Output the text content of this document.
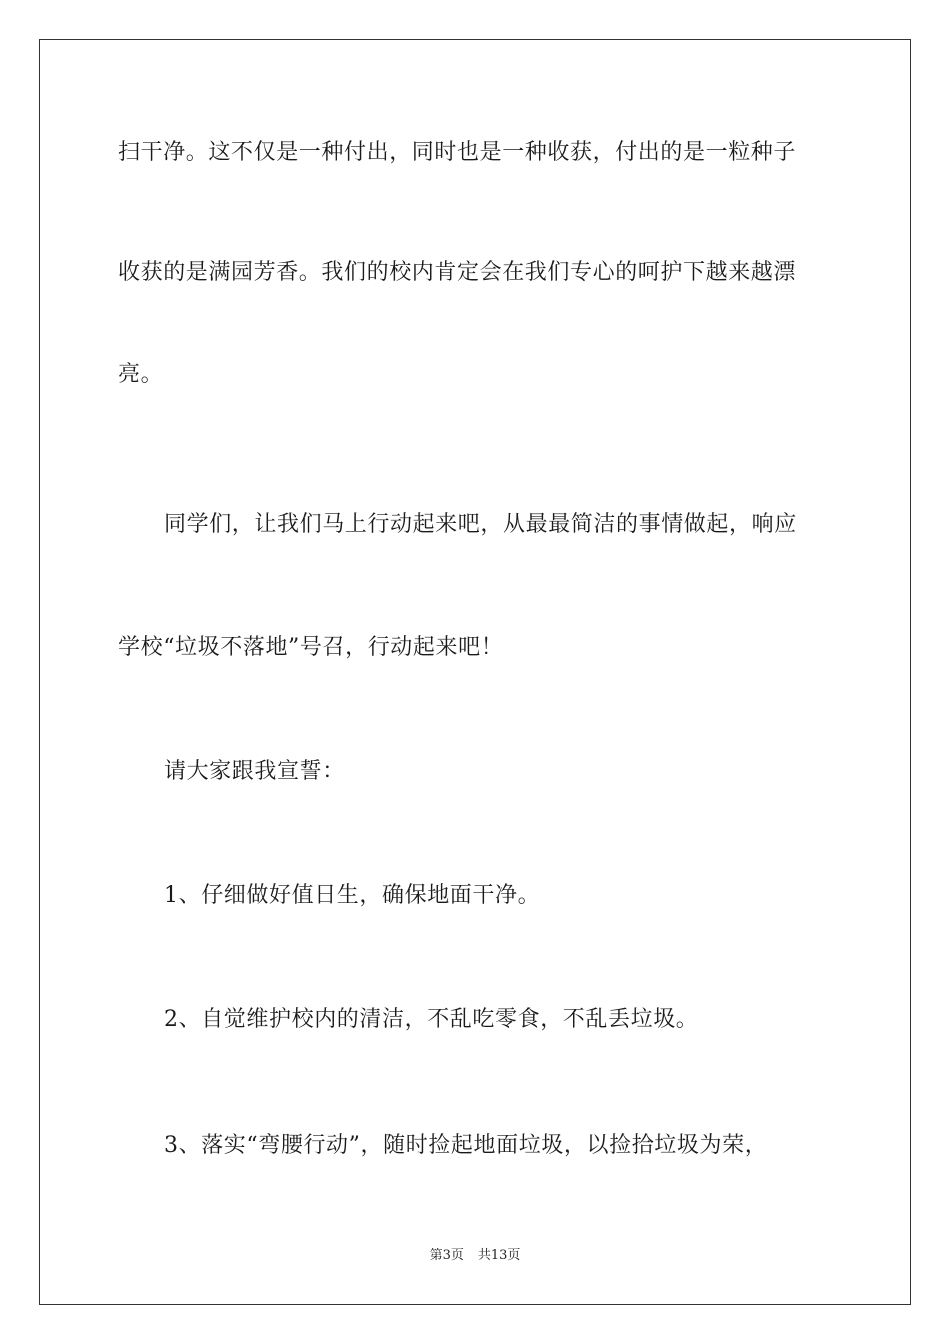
扫干净。这不仅是一种付出，同时也是一种收获，付出的是一粒种子
收获的是满园芳香。我们的校内肯定会在我们专心的呵护下越来越漂
亮。
同学们，让我们马上行动起来吧，从最最简洁的事情做起，响应
学校“垃圾不落地”号召，行动起来吧！
请大家跟我宣誓：
1、仔细做好值日生，确保地面干净。
2、自觉维护校内的清洁，不乱吃零食，不乱丢垃圾。
3、落实“弯腰行动”，随时捡起地面垃圾，以捡拾垃圾为荣，
第3页 共13页
